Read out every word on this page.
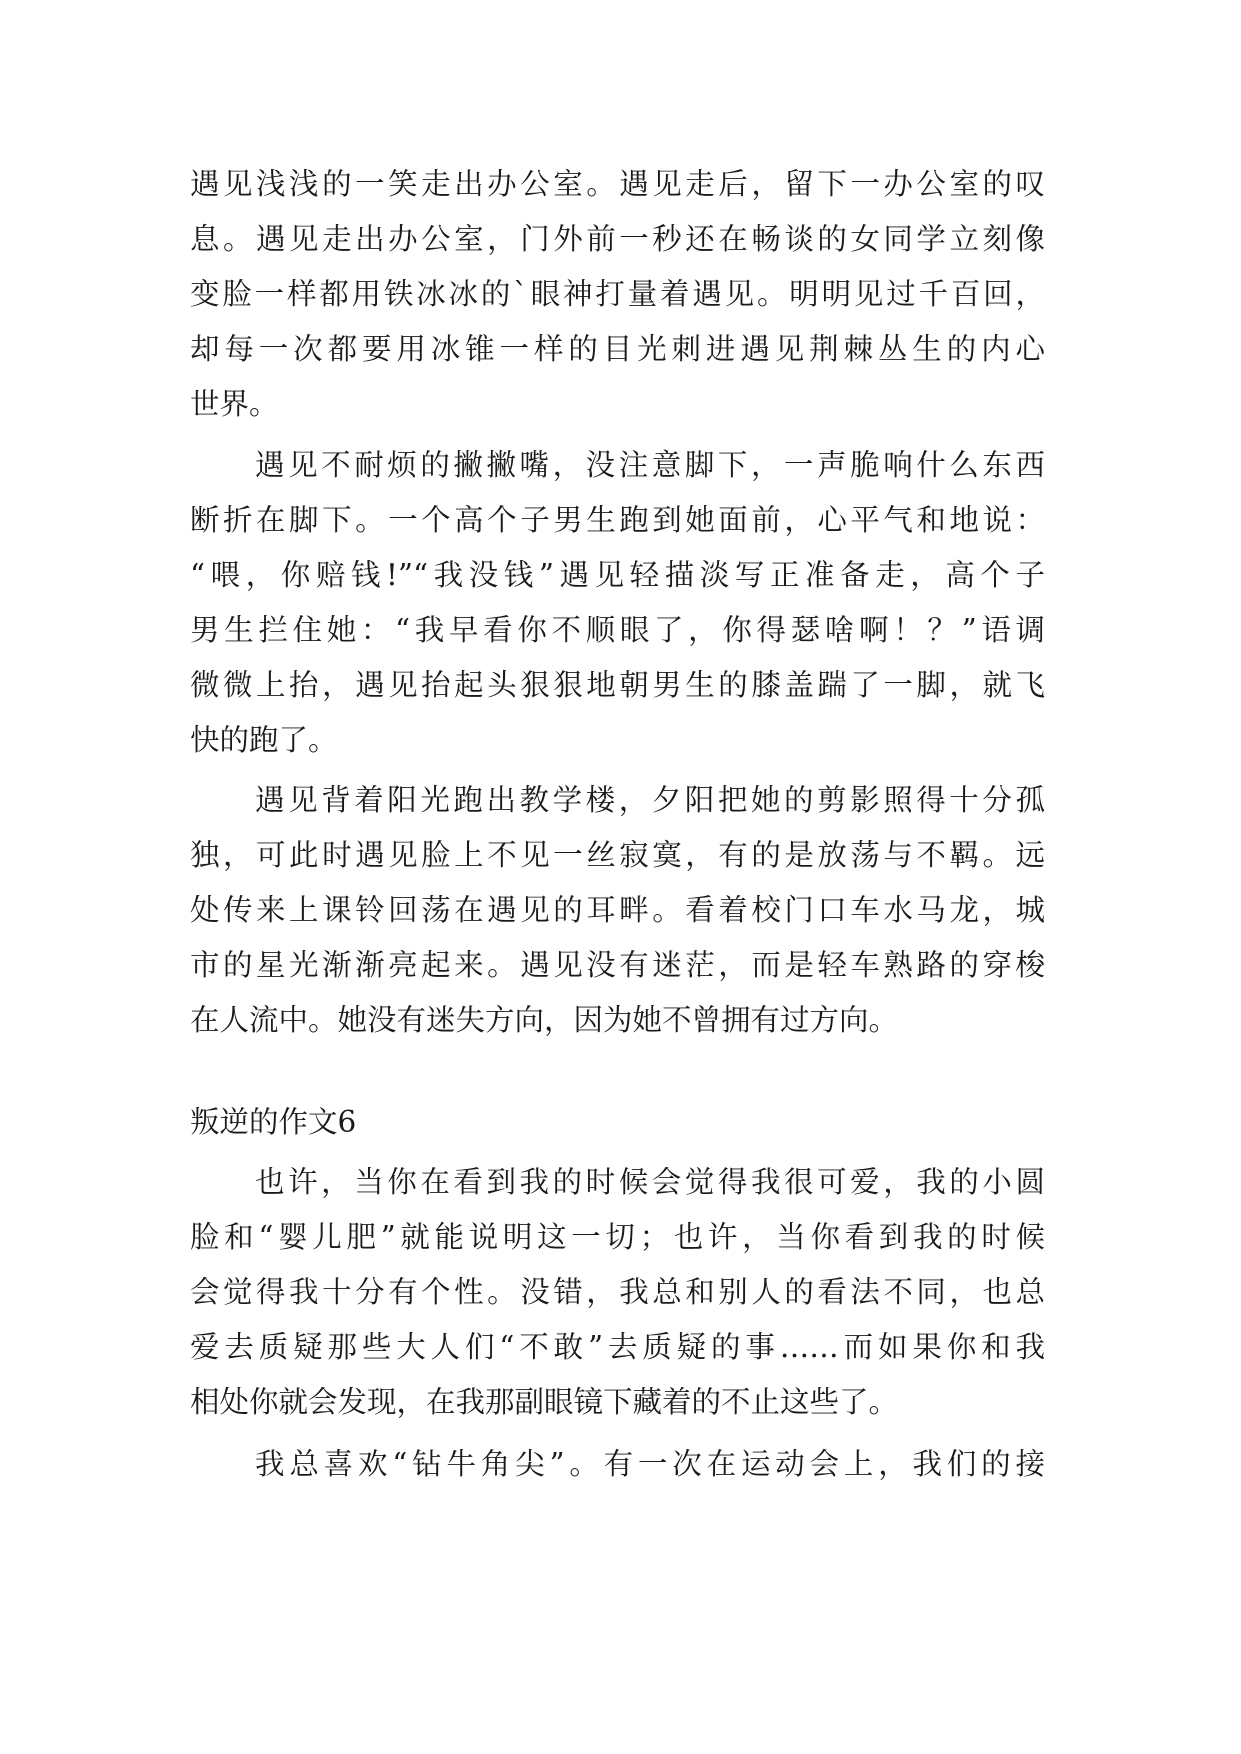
遇见浅浅的一笑走出办公室。遇见走后，留下一办公室的叹
息。遇见走出办公室，门外前一秒还在畅谈的女同学立刻像
变脸一样都用铁冰冰的`眼神打量着遇见。明明见过千百回，
却每一次都要用冰锥一样的目光刺进遇见荆棘丛生的内心
世界。
遇见不耐烦的撇撇嘴，没注意脚下，一声脆响什么东西
断折在脚下。一个高个子男生跑到她面前，心平气和地说：
“喂，你赔钱!”“我没钱”遇见轻描淡写正准备走，高个子
男生拦住她：“我早看你不顺眼了，你得瑟啥啊！？”语调
微微上抬，遇见抬起头狠狠地朝男生的膝盖踹了一脚，就飞
快的跑了。
遇见背着阳光跑出教学楼，夕阳把她的剪影照得十分孤
独，可此时遇见脸上不见一丝寂寞，有的是放荡与不羁。远
处传来上课铃回荡在遇见的耳畔。看着校门口车水马龙，城
市的星光渐渐亮起来。遇见没有迷茫，而是轻车熟路的穿梭
在人流中。她没有迷失方向，因为她不曾拥有过方向。
叛逆的作文6
也许，当你在看到我的时候会觉得我很可爱，我的小圆
脸和“婴儿肥”就能说明这一切；也许，当你看到我的时候
会觉得我十分有个性。没错，我总和别人的看法不同，也总
爱去质疑那些大人们“不敢”去质疑的事……而如果你和我
相处你就会发现，在我那副眼镜下藏着的不止这些了。
我总喜欢“钻牛角尖”。有一次在运动会上，我们的接
